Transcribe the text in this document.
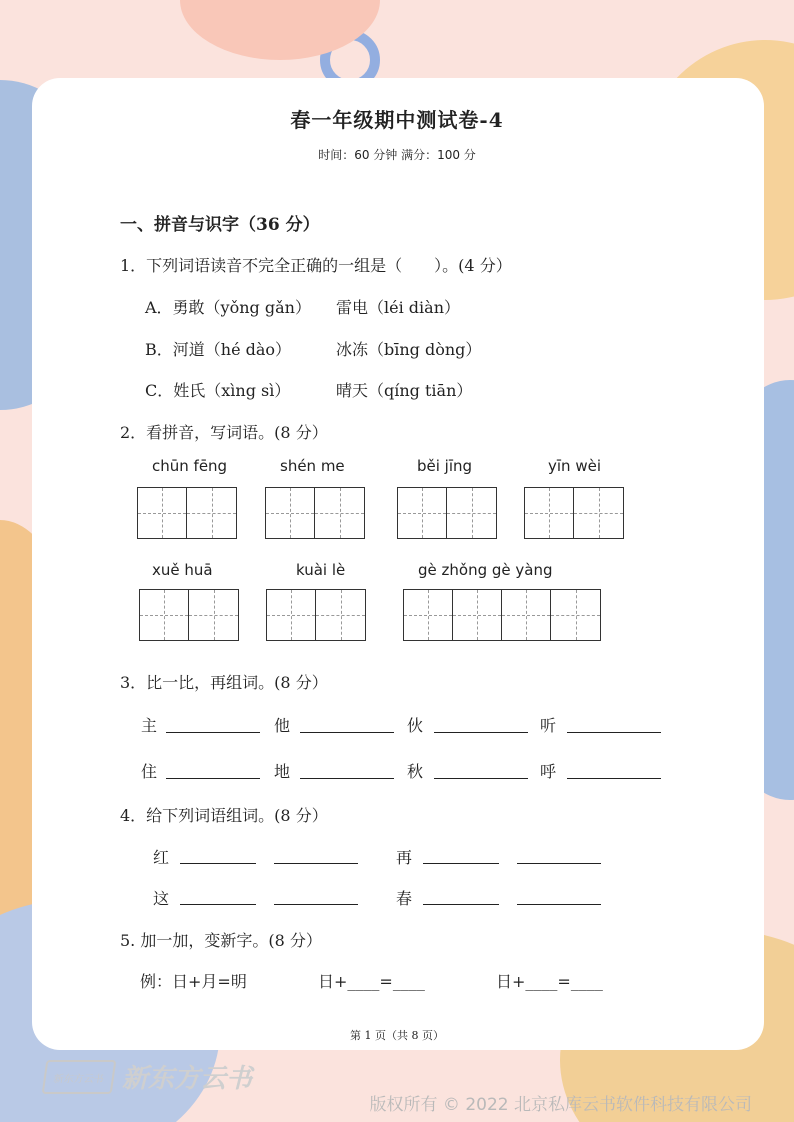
春一年级期中测试卷-4
时间：60 分钟 满分：100 分
一、拼音与识字（36 分）
1．下列词语读音不完全正确的一组是（　　）。(4 分）
A．勇敢（yǒng gǎn） 雷电（léi diàn）
B．河道（hé dào）	冰冻（bīng dòng）
C．姓氏（xìng sì）	晴天（qíng tiān）
2．看拼音，写词语。(8 分）
chūn fēng	shén me	běi jīng	yīn wèi
xuě huā	kuài lè	gè zhǒng gè yàng
3．比一比，再组词。(8 分）
主	他	伙	听
住	地	秋	呼
4．给下列词语组词。(8 分）
红	再
这	春
5. 加一加，变新字。(8 分）
例：日+月=明	日+____=____	日+____=____
第 1 页（共 8 页）
新东方云书 新东方云书
版权所有 © 2022 北京私库云书软件科技有限公司
